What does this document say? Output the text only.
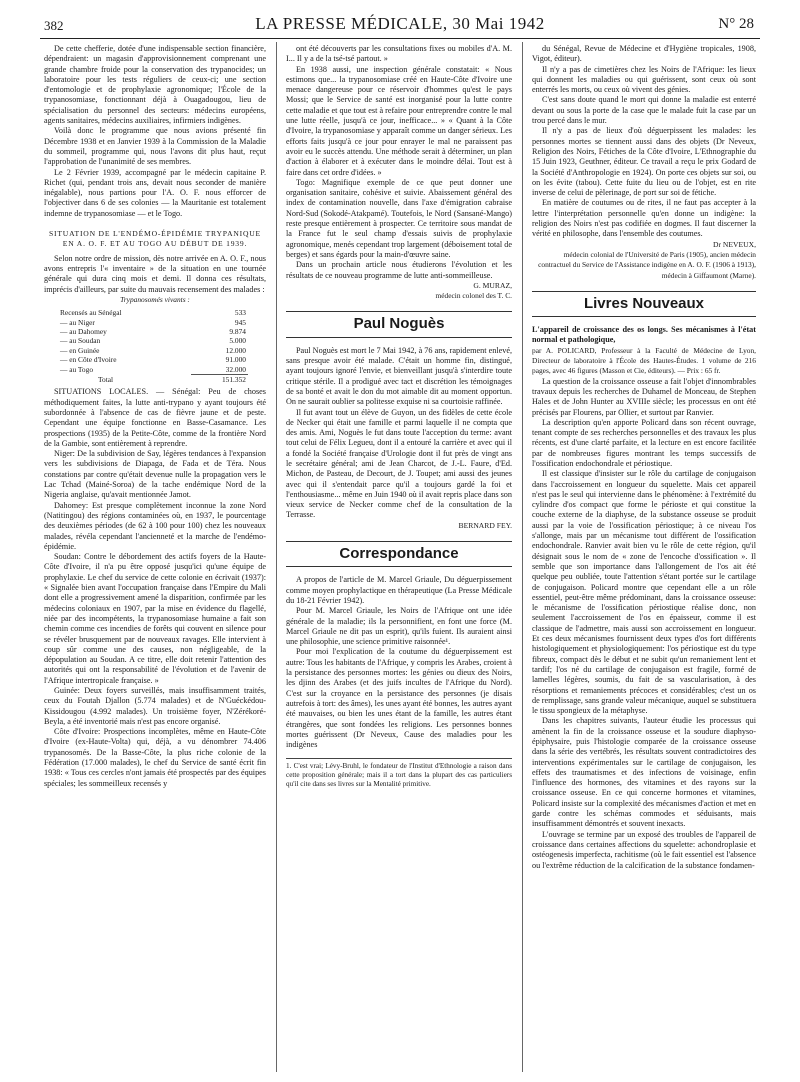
382	LA PRESSE MÉDICALE, 30 Mai 1942	N° 28

De cette chefferie, dotée d'une indispensable section financière, dépendraient: un magasin d'approvisionnement comprenant une grande chambre froide pour la conservation des trypanocides; un laboratoire pour les tests réguliers de ceux-ci; une section d'entomologie et de prophylaxie agronomique; l'École de la trypanosomiase, fonctionnant déjà à Ouagadougou, lieu de spécialisation du personnel des secteurs: médecins européens, agents sanitaires, médecins auxiliaires, infirmiers indigènes.

Voilà donc le programme que nous avions présenté fin Décembre 1938 et en Janvier 1939 à la Commission de la Maladie du sommeil, programme qui, nous l'avons dit plus haut, reçut l'approbation de l'unanimité de ses membres.

Le 2 Février 1939, accompagné par le médecin capitaine P. Richet (qui, pendant trois ans, devait nous seconder de manière inégalable), nous partions pour l'A. O. F. nous efforcer de l'objectiver dans 6 de ses colonies — la Mauritanie est totalement indemne de trypanosomiase — et le Togo.

SITUATION DE L'ENDÉMO-ÉPIDÉMIE TRYPANIQUE EN A. O. F. ET AU TOGO AU DÉBUT DE 1939.

Selon notre ordre de mission, dès notre arrivée en A. O. F., nous avons entrepris l'« inventaire » de la situation en une tournée générale qui dura cinq mois et demi. Il donna ces résultats, imprécis d'ailleurs, par suite du mauvais recensement des malades :

Trypanosomés vivants :
Recensés au Sénégal	533
— au Niger	945
— au Dahomey	9.874
— au Soudan	5.000
— en Guinée	12.000
— en Côte d'Ivoire	91.000
— au Togo	32.000
Total	151.352

SITUATIONS LOCALES. — Sénégal: Peu de choses méthodiquement faites, la lutte anti-trypano y ayant toujours été subordonnée à l'absence de cas de fièvre jaune et de peste. Cependant une équipe fonctionne en Basse-Casamance. Les prospections (1935) de la Petite-Côte, comme de la frontière Nord de la Gambie, sont entièrement à reprendre.

Niger: De la subdivision de Say, légères tendances à l'expansion vers les subdivisions de Diapaga, de Fada et de Téra. Nous constations par contre qu'était devenue nulle la propagation vers le Lac Tchad (Mainé-Soroa) de la tache endémique Nord de la Nigeria anglaise, qu'avait mentionnée Jamot.

Dahomey: Est presque complètement inconnue la zone Nord (Natitingou) des régions contaminées où, en 1937, le pourcentage des deuxièmes périodes (de 62 à 100 pour 100) chez les nouveaux malades, révéla cependant l'ancienneté et la marche de l'endémo-épidémie.

Soudan: Contre le débordement des actifs foyers de la Haute-Côte d'Ivoire, il n'a pu être opposé jusqu'ici qu'une équipe de prophylaxie. Le chef du service de cette colonie en écrivait (1937): « Signalée bien avant l'occupation française dans l'Empire du Mali dont elle a progressivement amené la disparition, confirmée par les médecins coloniaux en 1907, par la mise en évidence du flagellé, niée par des incompétents, la trypanosomiase humaine a fait son chemin comme ces incendies de forêts qui couvent en silence pour se révéler brusquement par de nouveaux ravages. Elle intervient à coup sûr comme une des causes, non négligeable, de la dépopulation au Soudan. A ce titre, elle doit retenir l'attention des autorités qui ont la responsabilité de l'évolution et de l'avenir de l'Afrique intertropicale française. »

Guinée: Deux foyers surveillés, mais insuffisamment traités, ceux du Foutah Djallon (5.774 malades) et de N'Guéckédou-Kissidougou (4.992 malades). Un troisième foyer, N'Zérékoré-Beyla, a été inventorié mais n'est pas encore organisé.

Côte d'Ivoire: Prospections incomplètes, même en Haute-Côte d'Ivoire (ex-Haute-Volta) qui, déjà, a vu dénombrer 74.406 trypanosomés. De la Basse-Côte, la plus riche colonie de la Fédération (17.000 malades), le chef du Service de santé écrit fin 1938: « Tous ces cercles n'ont jamais été prospectés par des équipes spéciales; les sommeilleux recensés y

ont été découverts par les consultations fixes ou mobiles d'A. M. I... Il y a de la tsé-tsé partout. »

En 1938 aussi, une inspection générale constatait: « Nous estimons que... la trypanosomiase créé en Haute-Côte d'Ivoire une menace dangereuse pour ce réservoir d'hommes qu'est le pays Mossi; que le Service de santé est inorganisé pour la lutte contre cette maladie et que tout est à refaire pour entreprendre contre le mal une lutte réelle, jusqu'à ce jour, inefficace... » « Quant à la Côte d'Ivoire, la trypanosomiase y apparaît comme un danger sérieux. Les efforts faits jusqu'à ce jour pour enrayer le mal ne paraissent pas avoir eu le succès attendu. Une méthode serait à déterminer, un plan d'action à élaborer et à exécuter dans le moindre délai. Tout est à faire dans cet ordre d'idées. »

Togo: Magnifique exemple de ce que peut donner une organisation sanitaire, cohésive et suivie. Abaissement général des index de contamination nouvelle, dans l'axe d'émigration cabraise Nord-Sud (Sokodé-Atakpamé). Toutefois, le Nord (Sansané-Mango) reste presque entièrement à prospecter. Ce territoire sous mandat de la France fut le seul champ d'essais suivis de prophylaxie agronomique, menés cependant trop largement (déboisement total de berges) et sans égards pour la main-d'œuvre saine.

Dans un prochain article nous étudierons l'évolution et les résultats de ce nouveau programme de lutte anti-sommeilleuse.

G. MURAZ,

médecin colonel des T. C.

Paul Noguès

Paul Noguès est mort le 7 Mai 1942, à 76 ans, rapidement enlevé, sans presque avoir été malade. C'était un homme fin, distingué, ayant toujours ignoré l'envie, et bienveillant jusqu'à s'interdire toute critique stérile. Il a prodigué avec tact et discrétion les témoignages de sa bonté et avait le don du mot aimable dit au moment opportun. On ne saurait oublier sa politesse exquise ni sa courtoisie raffinée.

Il fut avant tout un élève de Guyon, un des fidèles de cette école de Necker qui était une famille et parmi laquelle il ne compta que des amis. Ami, Noguès le fut dans toute l'acception du terme: avant tout celui de Félix Legueu, dont il a entouré la carrière et avec qui il a fondé la Société française d'Urologie dont il fut près de vingt ans le secrétaire général; ami de Jean Charcot, de J.-L. Faure, d'Ed. Michon, de Pasteau, de Decourt, de J. Toupet; ami aussi des jeunes avec qui il s'entendait parce qu'il a toujours gardé la foi et l'enthousiasme... même en Juin 1940 où il avait repris place dans son vieux service de Necker comme chef de la consultation de la Terrasse.

BERNARD FEY.

Correspondance

A propos de l'article de M. Marcel Griaule, Du déguerpissement comme moyen prophylactique en thérapeutique (La Presse Médicale du 18-21 Février 1942).

Pour M. Marcel Griaule, les Noirs de l'Afrique ont une idée générale de la maladie; ils la personnifient, en font une force (M. Marcel Griaule ne dit pas un esprit), qu'ils fuient. Ils auraient ainsi une philosophie, une science primitive raisonnée¹.

Pour moi l'explication de la coutume du déguerpissement est autre: Tous les habitants de l'Afrique, y compris les Arabes, croient à la persistance des personnes mortes: les génies ou dieux des Noirs, les djinn des Arabes (et des juifs incultes de l'Afrique du Nord). C'est sur la croyance en la persistance des personnes (je disais autrefois à tort: des âmes), les unes ayant été bonnes, les autres ayant été mauvaises, ou bien les unes étant de la famille, les autres étant étrangères, que sont fondées les religions. Les personnes bonnes mortes guérissent (Dr Neveux, Cause des maladies pour les indigènes

1. C'est vrai; Lévy-Bruhl, le fondateur de l'Institut d'Ethnologie a raison dans cette proposition générale; mais il a tort dans la plupart des cas particuliers qu'il cite dans ses livres sur la Mentalité primitive.

du Sénégal, Revue de Médecine et d'Hygiène tropicales, 1908, Vigot, éditeur).

Il n'y a pas de cimetières chez les Noirs de l'Afrique: les lieux qui donnent les maladies ou qui guérissent, sont ceux où sont enterrés les morts, ou ceux où vivent des génies.

C'est sans doute quand le mort qui donne la maladie est enterré devant ou sous la porte de la case que le malade fuit la case par un trou percé dans le mur.

Il n'y a pas de lieux d'où déguerpissent les malades: les personnes mortes se tiennent aussi dans des objets (Dr Neveux, Religion des Noirs, Fétiches de la Côte d'Ivoire, L'Ethnographie du 15 Juin 1923, Geuthner, éditeur. Ce travail a reçu le prix Godard de la Société d'Anthropologie en 1924). On porte ces objets sur soi, ou on les évite (tabou). Cette fuite du lieu ou de l'objet, est en rite inverse de celui de pèlerinage, de port sur soi de fétiche.

En matière de coutumes ou de rites, il ne faut pas accepter à la lettre l'interprétation personnelle qu'en donne un indigène: la religion des Noirs n'est pas codifiée en dogmes. Il faut discerner la vérité en philosophe, dans l'ensemble des coutumes.

Dr NEVEUX,

médecin colonial de l'Université de Paris (1905), ancien médecin contractuel du Service de l'Assistance indigène en A. O. F. (1906 à 1913), médecin à Giffaumont (Marne).

Livres Nouveaux

L'appareil de croissance des os longs. Ses mécanismes à l'état normal et pathologique,

par A. POLICARD, Professeur à la Faculté de Médecine de Lyon, Directeur de laboratoire à l'École des Hautes-Études. 1 volume de 216 pages, avec 46 figures (Masson et Cie, éditeurs). — Prix : 65 fr.

La question de la croissance osseuse a fait l'objet d'innombrables travaux depuis les recherches de Duhamel de Monceau, de Stephen Hales et de John Hunter au XVIIIe siècle; les processus en ont été précisés par Flourens, par Ollier, et surtout par Ranvier.

La description qu'en apporte Policard dans son récent ouvrage, tenant compte de ses recherches personnelles et des travaux les plus récents, est d'une clarté parfaite, et la lecture en est encore facilitée par de nombreuses figures montrant les temps successifs de l'ossification endochondrale et périostique.

Il est classique d'insister sur le rôle du cartilage de conjugaison dans l'accroissement en longueur du squelette. Mais cet appareil n'est pas le seul qui intervienne dans le phénomène: à l'extrémité du cylindre d'os compact que forme le périoste et qui constitue la couche externe de la diaphyse, de la substance osseuse se produit aussi par la voie de l'ossification périostique; à ce niveau l'os s'allonge, mais par un mécanisme tout différent de l'ossification endochondrale. Ranvier avait bien vu le rôle de cette région, qu'il désignait sous le nom de « zone de l'encoche d'ossification ». Il semble que son importance dans l'allongement de l'os ait été quelque peu oubliée, toute l'attention s'étant portée sur le cartilage de conjugaison. Policard montre que cependant elle a un rôle essentiel, peut-être même prédominant, dans la croissance osseuse: le mécanisme de l'ossification périostique réalise donc, non seulement l'accroissement de l'os en épaisseur, comme il est classique de l'admettre, mais aussi son accroissement en longueur. Et ces deux mécanismes fournissent deux types d'os fort différents histologiquement et physiologiquement: l'os périostique est du type fibreux, compact dès le début et ne subit qu'un remaniement lent et tardif; l'os né du cartilage de conjugaison est fragile, formé de lamelles légères, soumis, du fait de sa vascularisation, à des résorptions et remaniements précoces et considérables; c'est un os de remplissage, sans grande valeur mécanique, auquel se substituera le tissu spongieux de la métaphyse.

Dans les chapitres suivants, l'auteur étudie les processus qui amènent la fin de la croissance osseuse et la soudure diaphyso-épiphysaire, puis l'histologie comparée de la croissance osseuse dans la série des vertébrés, les résultats souvent contradictoires des interventions expérimentales sur le cartilage de conjugaison, les effets des traumatismes et des infections de voisinage, enfin l'influence des hormones, des vitamines et des rayons sur la croissance osseuse. En ce qui concerne hormones et vitamines, Policard insiste sur la complexité des mécanismes d'action et met en garde contre les schémas commodes et séduisants, mais insuffisamment démontrés et souvent inexacts.

L'ouvrage se termine par un exposé des troubles de l'appareil de croissance dans certaines affections du squelette: achondroplasie et ostéogenesis imperfecta, rachitisme (où le fait essentiel est l'absence ou l'extrême réduction de la calcification de la substance fondamen-
